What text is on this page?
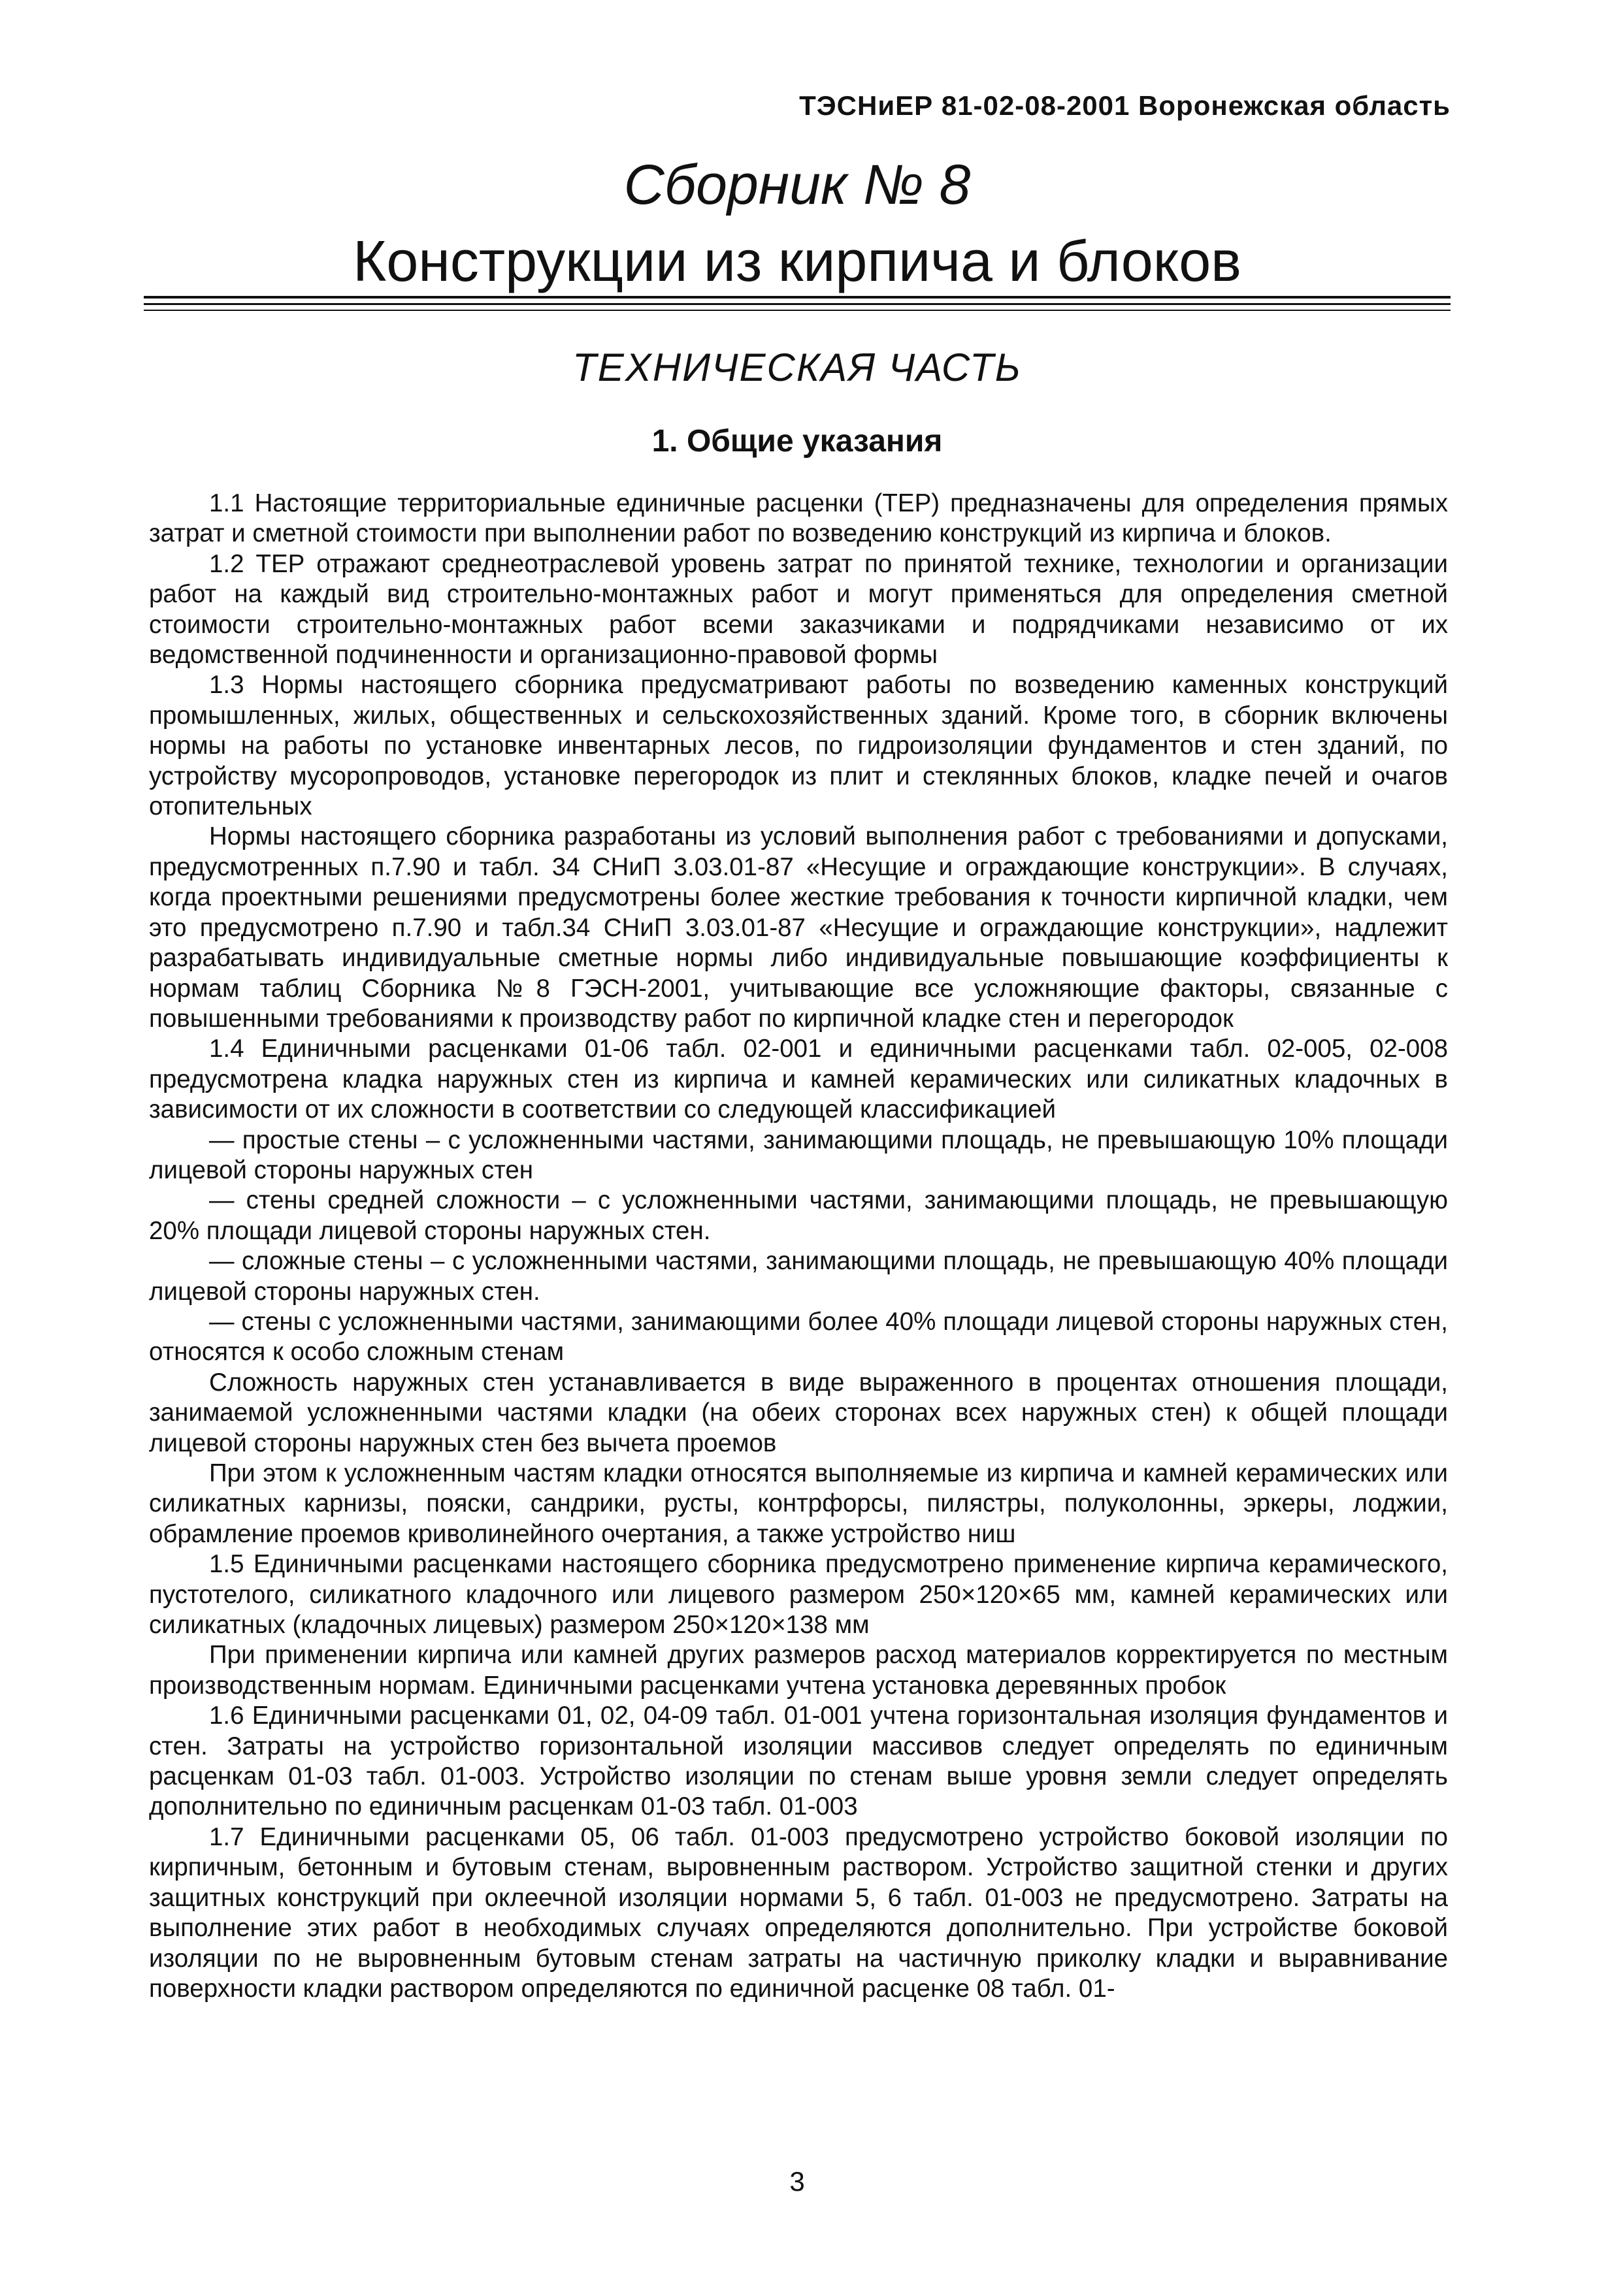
ТЭСНиЕР 81-02-08-2001 Воронежская область
Сборник № 8
Конструкции из кирпича и блоков
ТЕХНИЧЕСКАЯ ЧАСТЬ
1. Общие указания

1.1 Настоящие территориальные единичные расценки (ТЕР) предназначены для определения прямых затрат и сметной стоимости при выполнении работ по возведению конструкций из кирпича и блоков.

1.2 ТЕР отражают среднеотраслевой уровень затрат по принятой технике, технологии и организации работ на каждый вид строительно-монтажных работ и могут применяться для определения сметной стоимости строительно-монтажных работ всеми заказчиками и подрядчиками независимо от их ведомственной подчиненности и организационно-правовой формы

1.3 Нормы настоящего сборника предусматривают работы по возведению каменных конструкций промышленных, жилых, общественных и сельскохозяйственных зданий. Кроме того, в сборник включены нормы на работы по установке инвентарных лесов, по гидроизоляции фундаментов и стен зданий, по устройству мусоропроводов, установке перегородок из плит и стеклянных блоков, кладке печей и очагов отопительных

Нормы настоящего сборника разработаны из условий выполнения работ с требованиями и допусками, предусмотренных п.7.90 и табл. 34 СНиП 3.03.01-87 «Несущие и ограждающие конструкции». В случаях, когда проектными решениями предусмотрены более жесткие требования к точности кирпичной кладки, чем это предусмотрено п.7.90 и табл.34 СНиП 3.03.01-87 «Несущие и ограждающие конструкции», надлежит разрабатывать индивидуальные сметные нормы либо индивидуальные повышающие коэффициенты к нормам таблиц Сборника №8 ГЭСН-2001, учитывающие все усложняющие факторы, связанные с повышенными требованиями к производству работ по кирпичной кладке стен и перегородок

1.4 Единичными расценками 01-06 табл. 02-001 и единичными расценками табл. 02-005, 02-008 предусмотрена кладка наружных стен из кирпича и камней керамических или силикатных кладочных в зависимости от их сложности в соответствии со следующей классификацией

— простые стены – с усложненными частями, занимающими площадь, не превышающую 10% площади лицевой стороны наружных стен

— стены средней сложности – с усложненными частями, занимающими площадь, не превышающую 20% площади лицевой стороны наружных стен.

— сложные стены – с усложненными частями, занимающими площадь, не превышающую 40% площади лицевой стороны наружных стен.

— стены с усложненными частями, занимающими более 40% площади лицевой стороны наружных стен, относятся к особо сложным стенам

Сложность наружных стен устанавливается в виде выраженного в процентах отношения площади, занимаемой усложненными частями кладки (на обеих сторонах всех наружных стен) к общей площади лицевой стороны наружных стен без вычета проемов

При этом к усложненным частям кладки относятся выполняемые из кирпича и камней керамических или силикатных карнизы, пояски, сандрики, русты, контрфорсы, пилястры, полуколонны, эркеры, лоджии, обрамление проемов криволинейного очертания, а также устройство ниш

1.5 Единичными расценками настоящего сборника предусмотрено применение кирпича керамического, пустотелого, силикатного кладочного или лицевого размером 250×120×65 мм, камней керамических или силикатных (кладочных лицевых) размером 250×120×138 мм

При применении кирпича или камней других размеров расход материалов корректируется по местным производственным нормам. Единичными расценками учтена установка деревянных пробок

1.6 Единичными расценками 01, 02, 04-09 табл. 01-001 учтена горизонтальная изоляция фундаментов и стен. Затраты на устройство горизонтальной изоляции массивов следует определять по единичным расценкам 01-03 табл. 01-003. Устройство изоляции по стенам выше уровня земли следует определять дополнительно по единичным расценкам 01-03 табл. 01-003

1.7 Единичными расценками 05, 06 табл. 01-003 предусмотрено устройство боковой изоляции по кирпичным, бетонным и бутовым стенам, выровненным раствором. Устройство защитной стенки и других защитных конструкций при оклеечной изоляции нормами 5, 6 табл. 01-003 не предусмотрено. Затраты на выполнение этих работ в необходимых случаях определяются дополнительно. При устройстве боковой изоляции по не выровненным бутовым стенам затраты на частичную приколку кладки и выравнивание поверхности кладки раствором определяются по единичной расценке 08 табл. 01-

3
